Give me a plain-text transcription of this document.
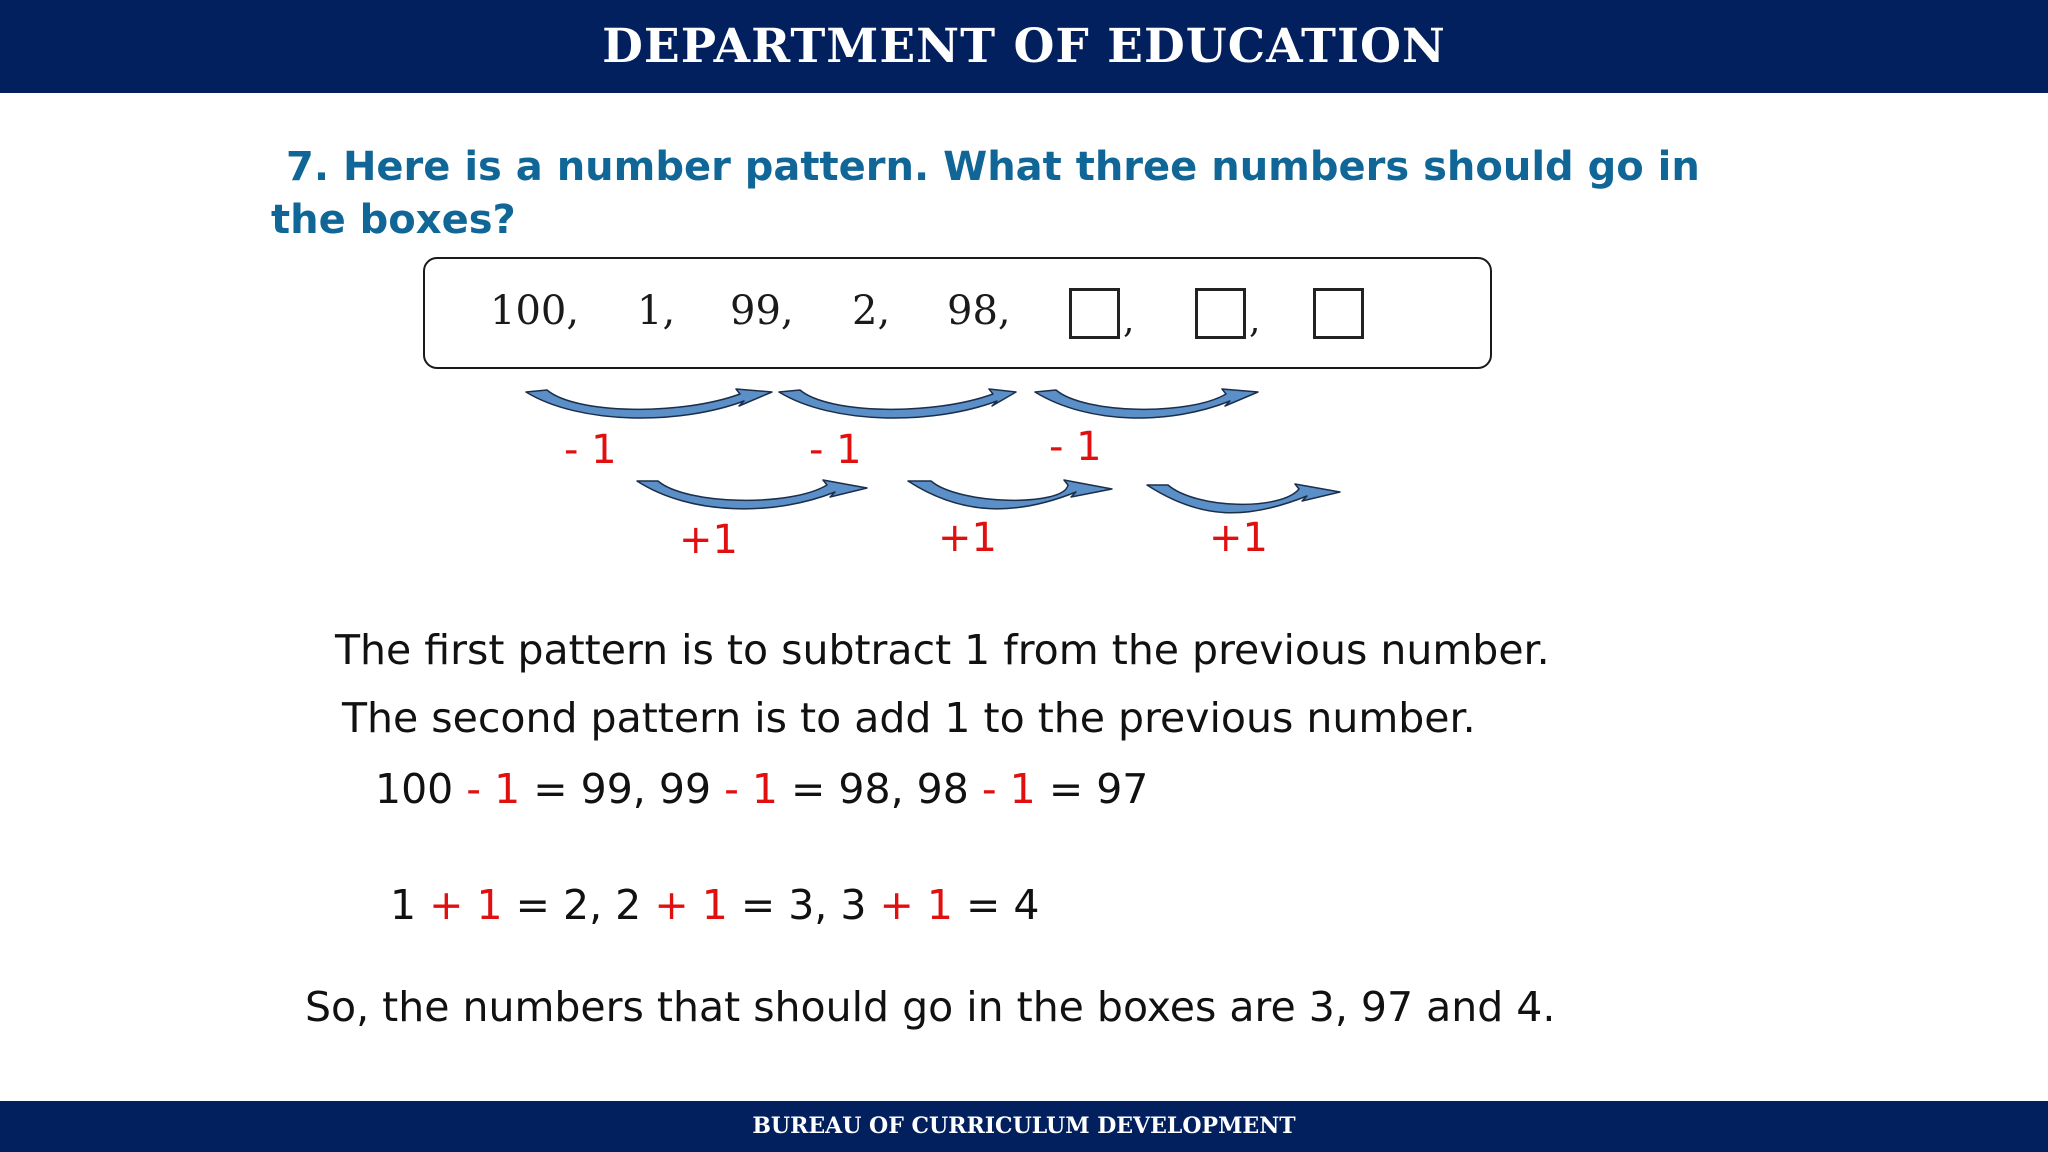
DEPARTMENT OF EDUCATION
7. Here is a number pattern. What three numbers should go in
the boxes?
100, 1, 99, 2, 98,	,	,
- 1	- 1	- 1
+1	+1	+1
The first pattern is to subtract 1 from the previous number.
The second pattern is to add 1 to the previous number.
100 - 1 = 99, 99 - 1 = 98, 98 - 1 = 97
1 + 1 = 2, 2 + 1 = 3, 3 + 1 = 4
So, the numbers that should go in the boxes are 3, 97 and 4.
BUREAU OF CURRICULUM DEVELOPMENT
